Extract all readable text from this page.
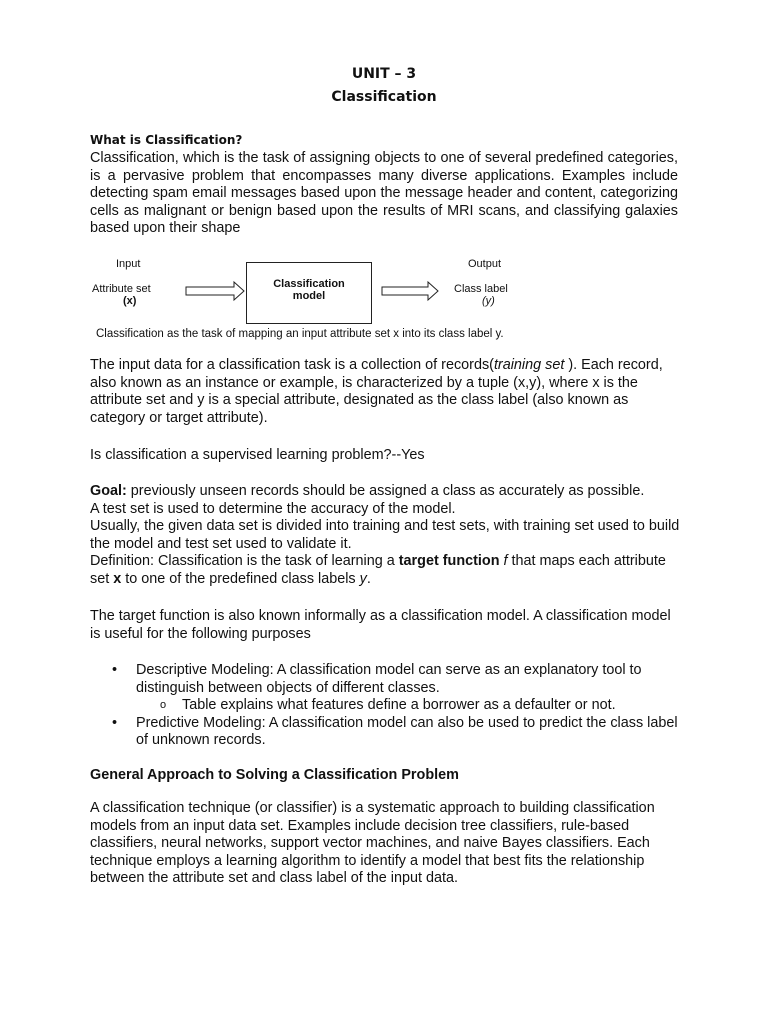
UNIT – 3
Classification
What is Classification?
Classification, which is the task of assigning objects to one of several predefined categories, is a pervasive problem that encompasses many diverse applications. Examples include detecting spam email messages based upon the message header and content, categorizing cells as malignant or benign based upon the results of MRI scans, and classifying galaxies based upon their shape
Input	Output
Attribute set
(x)
Classification
model
Class label
(y)
Classification as the task of mapping an input attribute set x into its class label y.
The input data for a classification task is a collection of records(training set ). Each record, also known as an instance or example, is characterized by a tuple (x,y), where x is the attribute set and y is a special attribute, designated as the class label (also known as category or target attribute).
Is classification a supervised learning problem?--Yes
Goal: previously unseen records should be assigned a class as accurately as possible.
A test set is used to determine the accuracy of the model.
Usually, the given data set is divided into training and test sets, with training set used to build the model and test set used to validate it.
Definition: Classification is the task of learning a target function f that maps each attribute set x to one of the predefined class labels y.
The target function is also known informally as a classification model. A classification model is useful for the following purposes
• Descriptive Modeling: A classification model can serve as an explanatory tool to distinguish between objects of different classes.
o Table explains what features define a borrower as a defaulter or not.
• Predictive Modeling: A classification model can also be used to predict the class label of unknown records.
General Approach to Solving a Classification Problem
A classification technique (or classifier) is a systematic approach to building classification models from an input data set. Examples include decision tree classifiers, rule-based classifiers, neural networks, support vector machines, and naive Bayes classifiers. Each technique employs a learning algorithm to identify a model that best fits the relationship between the attribute set and class label of the input data.
